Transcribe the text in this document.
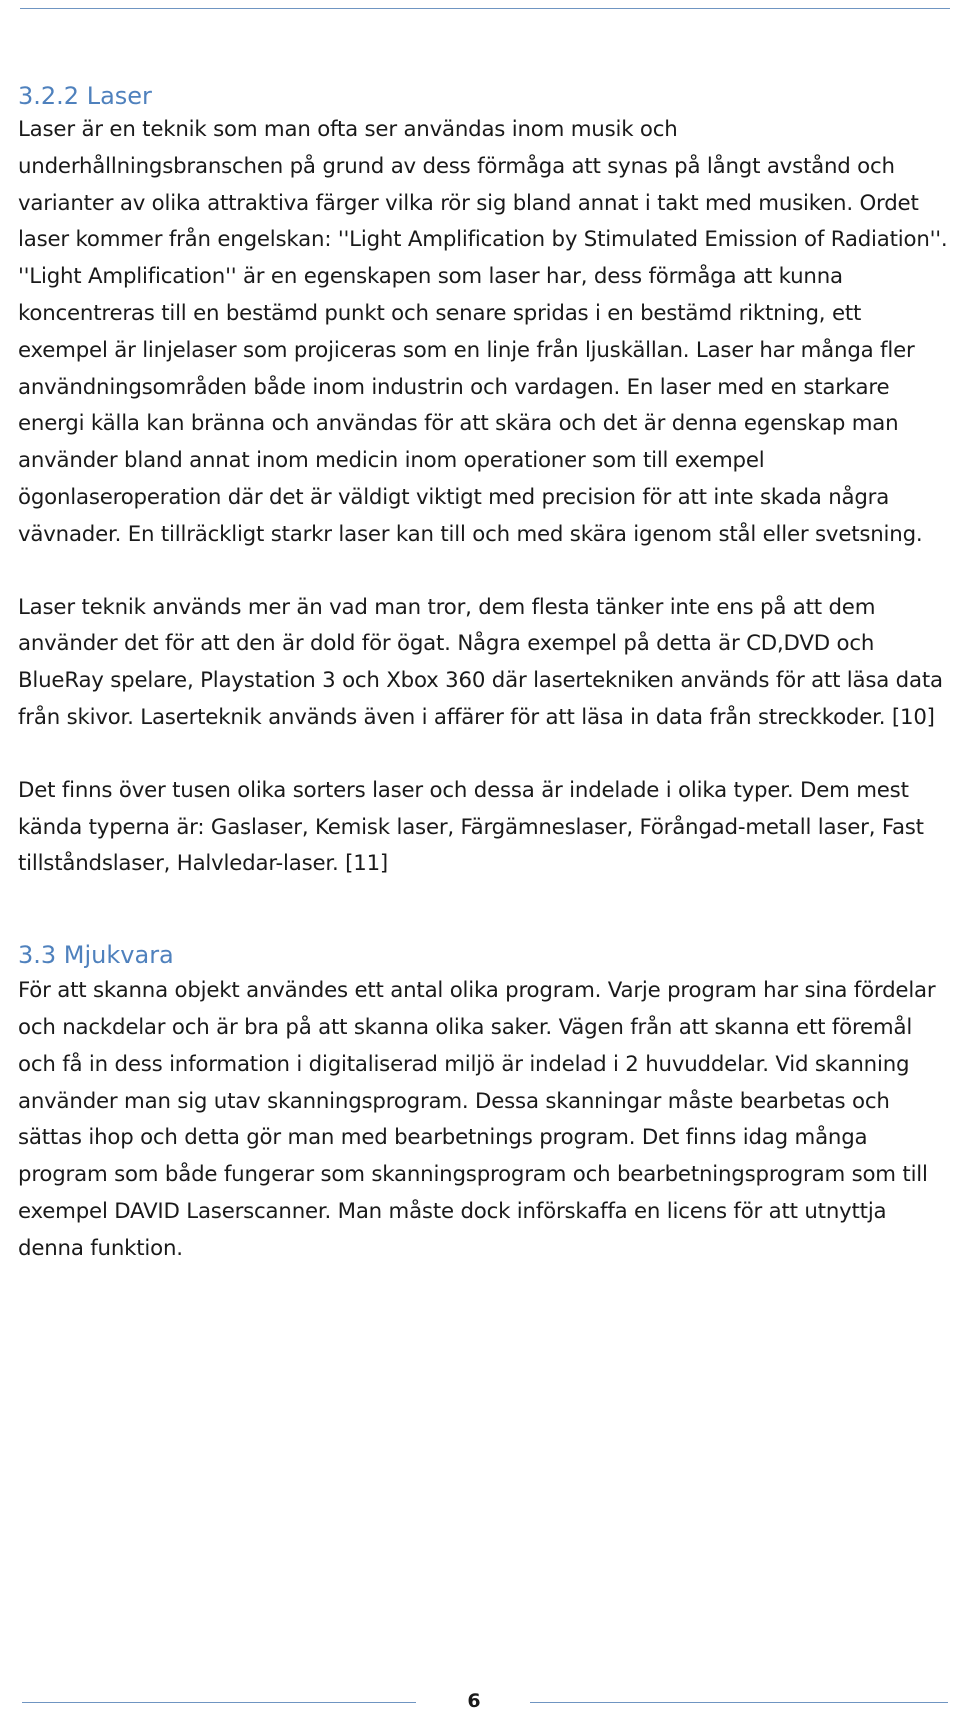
3.2.2 Laser

Laser är en teknik som man ofta ser användas inom musik och underhållningsbranschen på grund av dess förmåga att synas på långt avstånd och varianter av olika attraktiva färger vilka rör sig bland annat i takt med musiken. Ordet laser kommer från engelskan: ''Light Amplification by Stimulated Emission of Radiation''. ''Light Amplification'' är en egenskapen som laser har, dess förmåga att kunna koncentreras till en bestämd punkt och senare spridas i en bestämd riktning, ett exempel är linjelaser som projiceras som en linje från ljuskällan. Laser har många fler användningsområden både inom industrin och vardagen. En laser med en starkare energi källa kan bränna och användas för att skära och det är denna egenskap man använder bland annat inom medicin inom operationer som till exempel ögonlaseroperation där det är väldigt viktigt med precision för att inte skada några vävnader. En tillräckligt starkr laser kan till och med skära igenom stål eller svetsning.

Laser teknik används mer än vad man tror, dem flesta tänker inte ens på att dem använder det för att den är dold för ögat. Några exempel på detta är CD,DVD och BlueRay spelare, Playstation 3 och Xbox 360 där lasertekniken används för att läsa data från skivor. Laserteknik används även i affärer för att läsa in data från streckkoder. [10]

Det finns över tusen olika sorters laser och dessa är indelade i olika typer. Dem mest kända typerna är: Gaslaser, Kemisk laser, Färgämneslaser, Förångad-metall laser, Fast tillståndslaser, Halvledar-laser. [11]

3.3 Mjukvara

För att skanna objekt användes ett antal olika program. Varje program har sina fördelar och nackdelar och är bra på att skanna olika saker. Vägen från att skanna ett föremål och få in dess information i digitaliserad miljö är indelad i 2 huvuddelar. Vid skanning använder man sig utav skanningsprogram. Dessa skanningar måste bearbetas och sättas ihop och detta gör man med bearbetnings program. Det finns idag många program som både fungerar som skanningsprogram och bearbetningsprogram som till exempel DAVID Laserscanner. Man måste dock införskaffa en licens för att utnyttja denna funktion.

6
